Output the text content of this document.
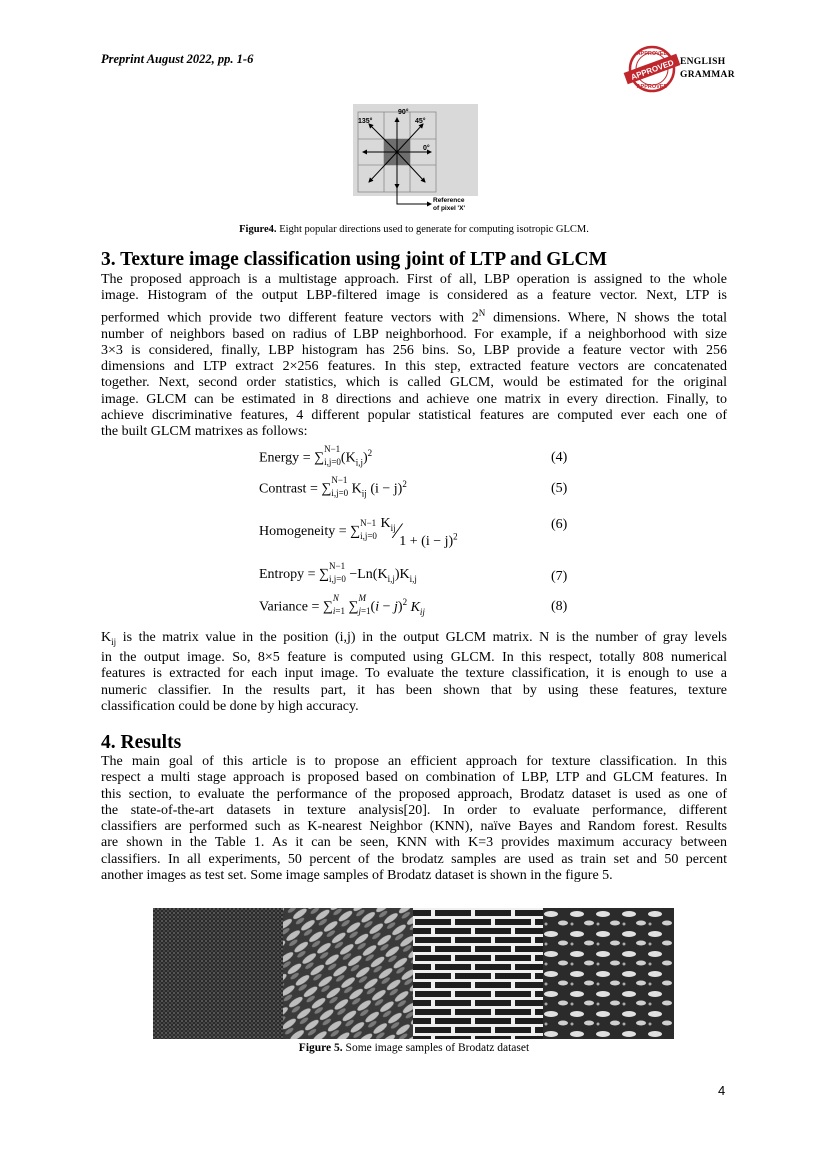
Preprint August 2022, pp. 1-6	APPROVED
APPROVED
APPROVED
ENGLISH
GRAMMAR
90°
135°	45°
0°
Reference
of pixel 'X'
Figure4. Eight popular directions used to generate for computing isotropic GLCM.
3. Texture image classification using joint of LTP and GLCM
The proposed approach is a multistage approach. First of all, LBP operation is assigned to the whole
image. Histogram of the output LBP-filtered image is considered as a feature vector. Next, LTP is
performed which provide two different feature vectors with $2^N$ dimensions. Where, N shows the total
number of neighbors based on radius of LBP neighborhood. For example, if a neighborhood with size
3×3 is considered, finally, LBP histogram has 256 bins. So, LBP provide a feature vector with 256
dimensions and LTP extract 2×256 features. In this step, extracted feature vectors are concatenated
together. Next, second order statistics, which is called GLCM, would be estimated for the original
image. GLCM can be estimated in 8 directions and achieve one matrix in every direction. Finally, to
achieve discriminative features, 4 different popular statistical features are computed ever each one of
the built GLCM matrixes as follows:
Energy = ∑
$_{N-1 i,j=0}(K_{i,j})^2$	(4)
Contrast = ∑
$_{N-1 i,j=0}$ $K_{ij}$ $(i - j)^2$	(5)
Homogeneity = ∑
$_{N-1 i,j=0}$ $K_{ij}⁄1 + (i - j)^2$
(6)
Entropy = ∑
$_{N-1 i,j=0} -Ln(K_{i,j})K_{i,j}$	(7)
Variance = ∑
$_{N i=1}$ ∑
$_{M j=1}(i - j)^2$ $K_{ij}$	(8)
$K_{ij}$ is the matrix value in the position (i,j) in the output GLCM matrix. N is the number of gray levels
in the output image. So, 8×5 feature is computed using GLCM. In this respect, totally 808 numerical
features is extracted for each input image. To evaluate the texture classification, it is enough to use a
numeric classifier. In the results part, it has been shown that by using these features, texture
classification could be done by high accuracy.
4. Results
The main goal of this article is to propose an efficient approach for texture classification. In this
respect a multi stage approach is proposed based on combination of LBP, LTP and GLCM features. In
this section, to evaluate the performance of the proposed approach, Brodatz dataset is used as one of
the state-of-the-art datasets in texture analysis[20]. In order to evaluate performance, different
classifiers are performed such as K-nearest Neighbor (KNN), naïve Bayes and Random forest. Results
are shown in the Table 1. As it can be seen, KNN with K=3 provides maximum accuracy between
classifiers. In all experiments, 50 percent of the brodatz samples are used as train set and 50 percent
another images as test set. Some image samples of Brodatz dataset is shown in the figure 5.
Figure 5. Some image samples of Brodatz dataset
4
